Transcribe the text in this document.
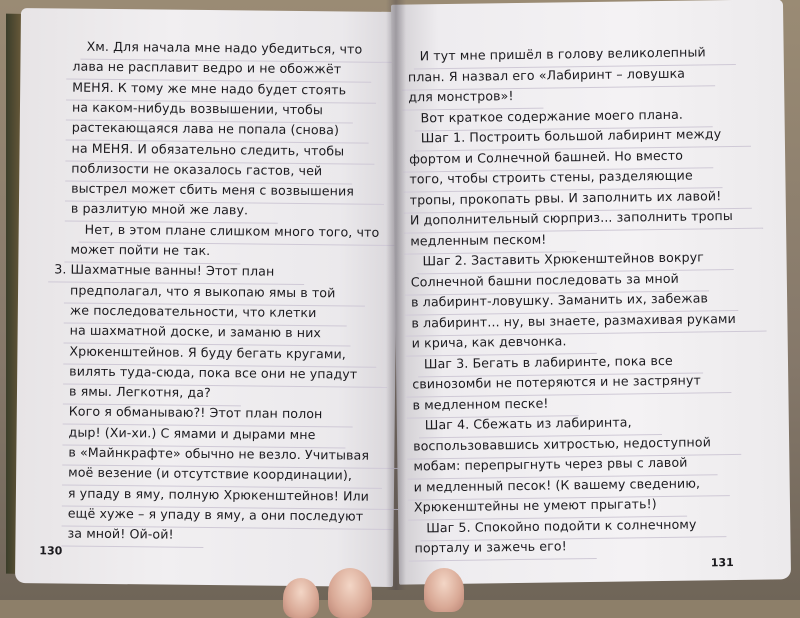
Хм. Для начала мне надо убедиться, что
лава не расплавит ведро и не обожжёт
МЕНЯ. К тому же мне надо будет стоять
на каком-нибудь возвышении, чтобы
растекающаяся лава не попала (снова)
на МЕНЯ. И обязательно следить, чтобы
поблизости не оказалось гастов, чей
выстрел может сбить меня с возвышения
в разлитую мной же лаву.
Нет, в этом плане слишком много того, что
может пойти не так.
3. Шахматные ванны! Этот план
предполагал, что я выкопаю ямы в той
же последовательности, что клетки
на шахматной доске, и заманю в них
Хрюкенштейнов. Я буду бегать кругами,
вилять туда-сюда, пока все они не упадут
в ямы. Легкотня, да?
Кого я обманываю?! Этот план полон
дыр! (Хи-хи.) С ямами и дырами мне
в «Майнкрафте» обычно не везло. Учитывая
моё везение (и отсутствие координации),
я упаду в яму, полную Хрюкенштейнов! Или
ещё хуже – я упаду в яму, а они последуют
за мной! Ой-ой!
130
И тут мне пришёл в голову великолепный
план. Я назвал его «Лабиринт – ловушка
для монстров»!
Вот краткое содержание моего плана.
Шаг 1. Построить большой лабиринт между
фортом и Солнечной башней. Но вместо
того, чтобы строить стены, разделяющие
тропы, прокопать рвы. И заполнить их лавой!
И дополнительный сюрприз... заполнить тропы
медленным песком!
Шаг 2. Заставить Хрюкенштейнов вокруг
Солнечной башни последовать за мной
в лабиринт-ловушку. Заманить их, забежав
в лабиринт... ну, вы знаете, размахивая руками
и крича, как девчонка.
Шаг 3. Бегать в лабиринте, пока все
свинозомби не потеряются и не застрянут
в медленном песке!
Шаг 4. Сбежать из лабиринта,
воспользовавшись хитростью, недоступной
мобам: перепрыгнуть через рвы с лавой
и медленный песок! (К вашему сведению,
Хрюкенштейны не умеют прыгать!)
Шаг 5. Спокойно подойти к солнечному
порталу и зажечь его!
131
